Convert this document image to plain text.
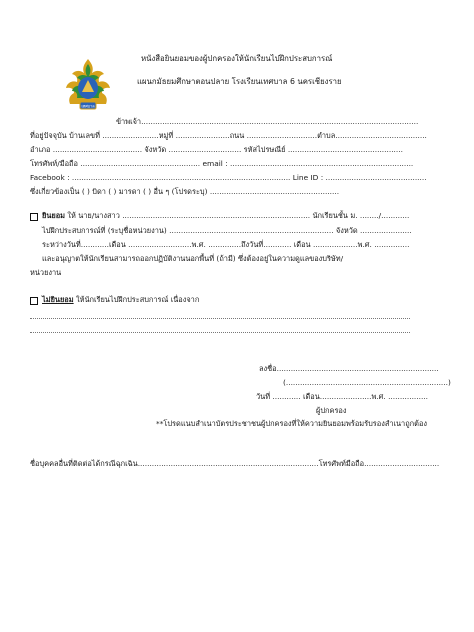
เทศบาล
หนังสือยินยอมของผู้ปกครองให้นักเรียนไปฝึกประสบการณ์
แผนกมัธยมศึกษาตอนปลาย โรงเรียนเทศบาล 6 นครเชียงราย
ข้าพเจ้า......................................................................................................................
ที่อยู่ปัจจุบัน บ้านเลขที่ ........................หมู่ที่ .......................ถนน ..............................ตำบล.......................................
อำเภอ ...................................... จังหวัด ............................... รหัสไปรษณีย์ .................................................
โทรศัพท์/มือถือ ................................................... email : ..............................................................................
Facebook : ............................................................................................. Line ID : ...........................................
ซึ่งเกี่ยวข้องเป็น ( ) บิดา ( ) มารดา ( ) อื่น ๆ (โปรดระบุ) .......................................................
ยินยอม ให้ นาย/นางสาว ................................................................................ นักเรียนชั้น ม. ......../............
ไปฝึกประสบการณ์ที่ (ระบุชื่อหน่วยงาน) ...................................................................... จังหวัด ......................
ระหว่างวันที่............เดือน ...........................พ.ศ. ..............ถึงวันที่............ เดือน ...................พ.ศ. ...............
และอนุญาตให้นักเรียนสามารถออกปฏิบัติงานนอกพื้นที่ (ถ้ามี) ซึ่งต้องอยู่ในความดูแลของบริษัท/
หน่วยงาน
ไม่ยินยอม ให้นักเรียนไปฝึกประสบการณ์ เนื่องจาก
ลงชื่อ.....................................................................
(.....................................................................)
วันที่ ............ เดือน......................พ.ศ. .................
ผู้ปกครอง
**โปรดแนบสำเนาบัตรประชาชนผู้ปกครองที่ให้ความยินยอมพร้อมรับรองสำเนาถูกต้อง
ชื่อบุคคลอื่นที่ติดต่อได้กรณีฉุกเฉิน.............................................................................โทรศัพท์มือถือ................................
